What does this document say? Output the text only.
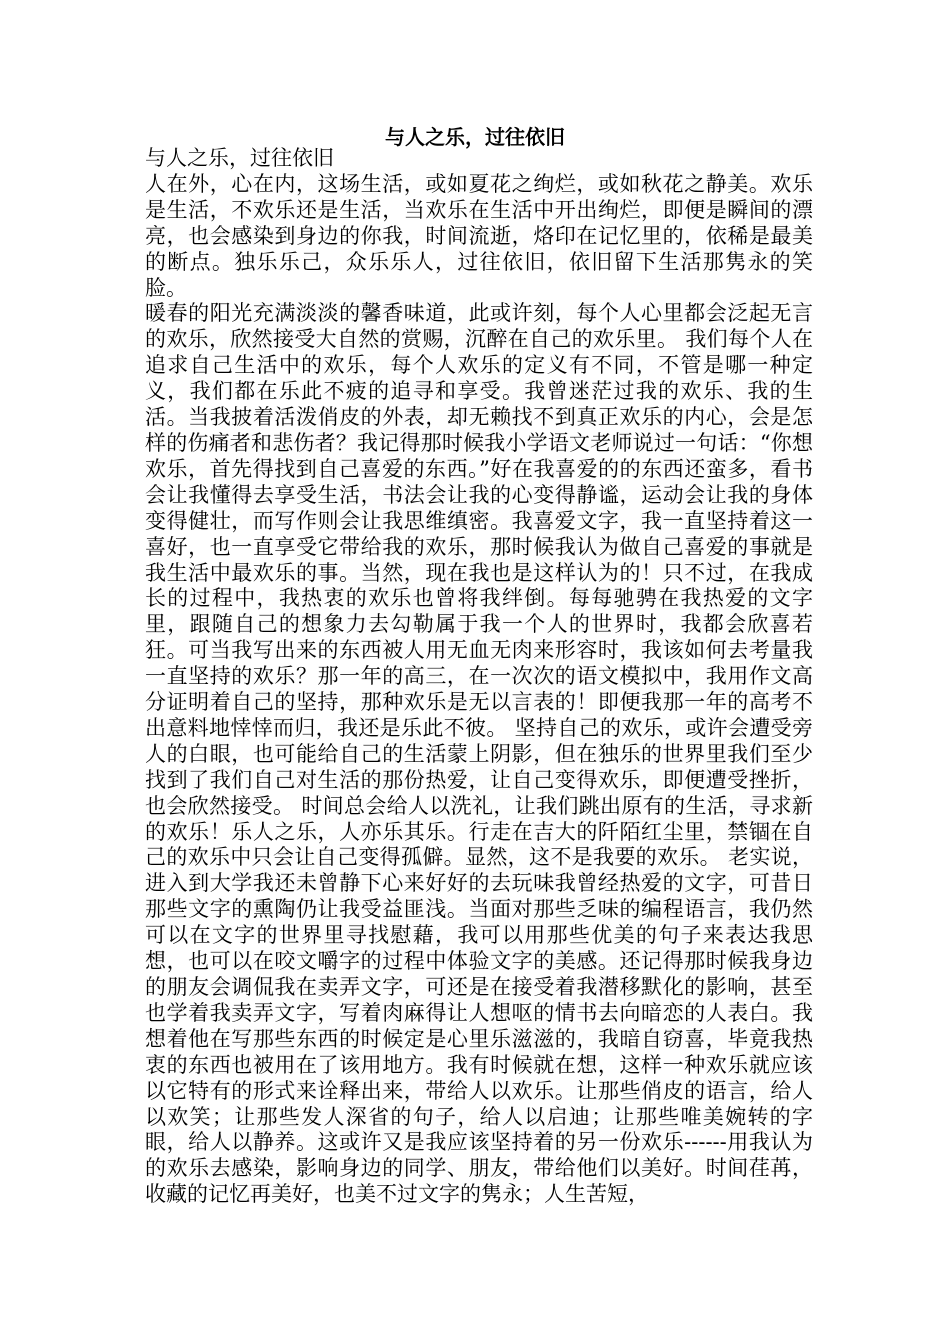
与人之乐，过往依旧

与人之乐，过往依旧

人在外，心在内，这场生活，或如夏花之绚烂，或如秋花之静美。欢乐是生活，不欢乐还是生活，当欢乐在生活中开出绚烂，即便是瞬间的漂亮，也会感染到身边的你我，时间流逝，烙印在记忆里的，依稀是最美的断点。独乐乐己，众乐乐人，过往依旧，依旧留下生活那隽永的笑脸。

暖春的阳光充满淡淡的馨香味道，此或许刻，每个人心里都会泛起无言的欢乐，欣然接受大自然的赏赐，沉醉在自己的欢乐里。 我们每个人在追求自己生活中的欢乐，每个人欢乐的定义有不同，不管是哪一种定义，我们都在乐此不疲的追寻和享受。我曾迷茫过我的欢乐、我的生活。当我披着活泼俏皮的外表，却无赖找不到真正欢乐的内心，会是怎样的伤痛者和悲伤者？我记得那时候我小学语文老师说过一句话：“你想欢乐，首先得找到自己喜爱的东西。”好在我喜爱的的东西还蛮多，看书会让我懂得去享受生活，书法会让我的心变得静谧，运动会让我的身体变得健壮，而写作则会让我思维缜密。我喜爱文字，我一直坚持着这一喜好，也一直享受它带给我的欢乐，那时候我认为做自己喜爱的事就是我生活中最欢乐的事。当然，现在我也是这样认为的！只不过，在我成长的过程中，我热衷的欢乐也曾将我绊倒。每每驰骋在我热爱的文字里，跟随自己的想象力去勾勒属于我一个人的世界时，我都会欣喜若狂。可当我写出来的东西被人用无血无肉来形容时，我该如何去考量我一直坚持的欢乐？那一年的高三，在一次次的语文模拟中，我用作文高分证明着自己的坚持，那种欢乐是无以言表的！即便我那一年的高考不出意料地悻悻而归，我还是乐此不彼。 坚持自己的欢乐，或许会遭受旁人的白眼，也可能给自己的生活蒙上阴影，但在独乐的世界里我们至少找到了我们自己对生活的那份热爱，让自己变得欢乐，即便遭受挫折，也会欣然接受。 时间总会给人以洗礼，让我们跳出原有的生活，寻求新的欢乐！乐人之乐，人亦乐其乐。行走在吉大的阡陌红尘里，禁锢在自己的欢乐中只会让自己变得孤僻。显然，这不是我要的欢乐。 老实说，进入到大学我还未曾静下心来好好的去玩味我曾经热爱的文字，可昔日那些文字的熏陶仍让我受益匪浅。当面对那些乏味的编程语言，我仍然可以在文字的世界里寻找慰藉，我可以用那些优美的句子来表达我思想，也可以在咬文嚼字的过程中体验文字的美感。还记得那时候我身边的朋友会调侃我在卖弄文字，可还是在接受着我潜移默化的影响，甚至也学着我卖弄文字，写着肉麻得让人想呕的情书去向暗恋的人表白。我想着他在写那些东西的时候定是心里乐滋滋的，我暗自窃喜，毕竟我热衷的东西也被用在了该用地方。我有时候就在想，这样一种欢乐就应该以它特有的形式来诠释出来，带给人以欢乐。让那些俏皮的语言，给人以欢笑；让那些发人深省的句子，给人以启迪；让那些唯美婉转的字眼，给人以静养。这或许又是我应该坚持着的另一份欢乐------用我认为的欢乐去感染，影响身边的同学、朋友，带给他们以美好。时间荏苒，收藏的记忆再美好，也美不过文字的隽永；人生苦短，
